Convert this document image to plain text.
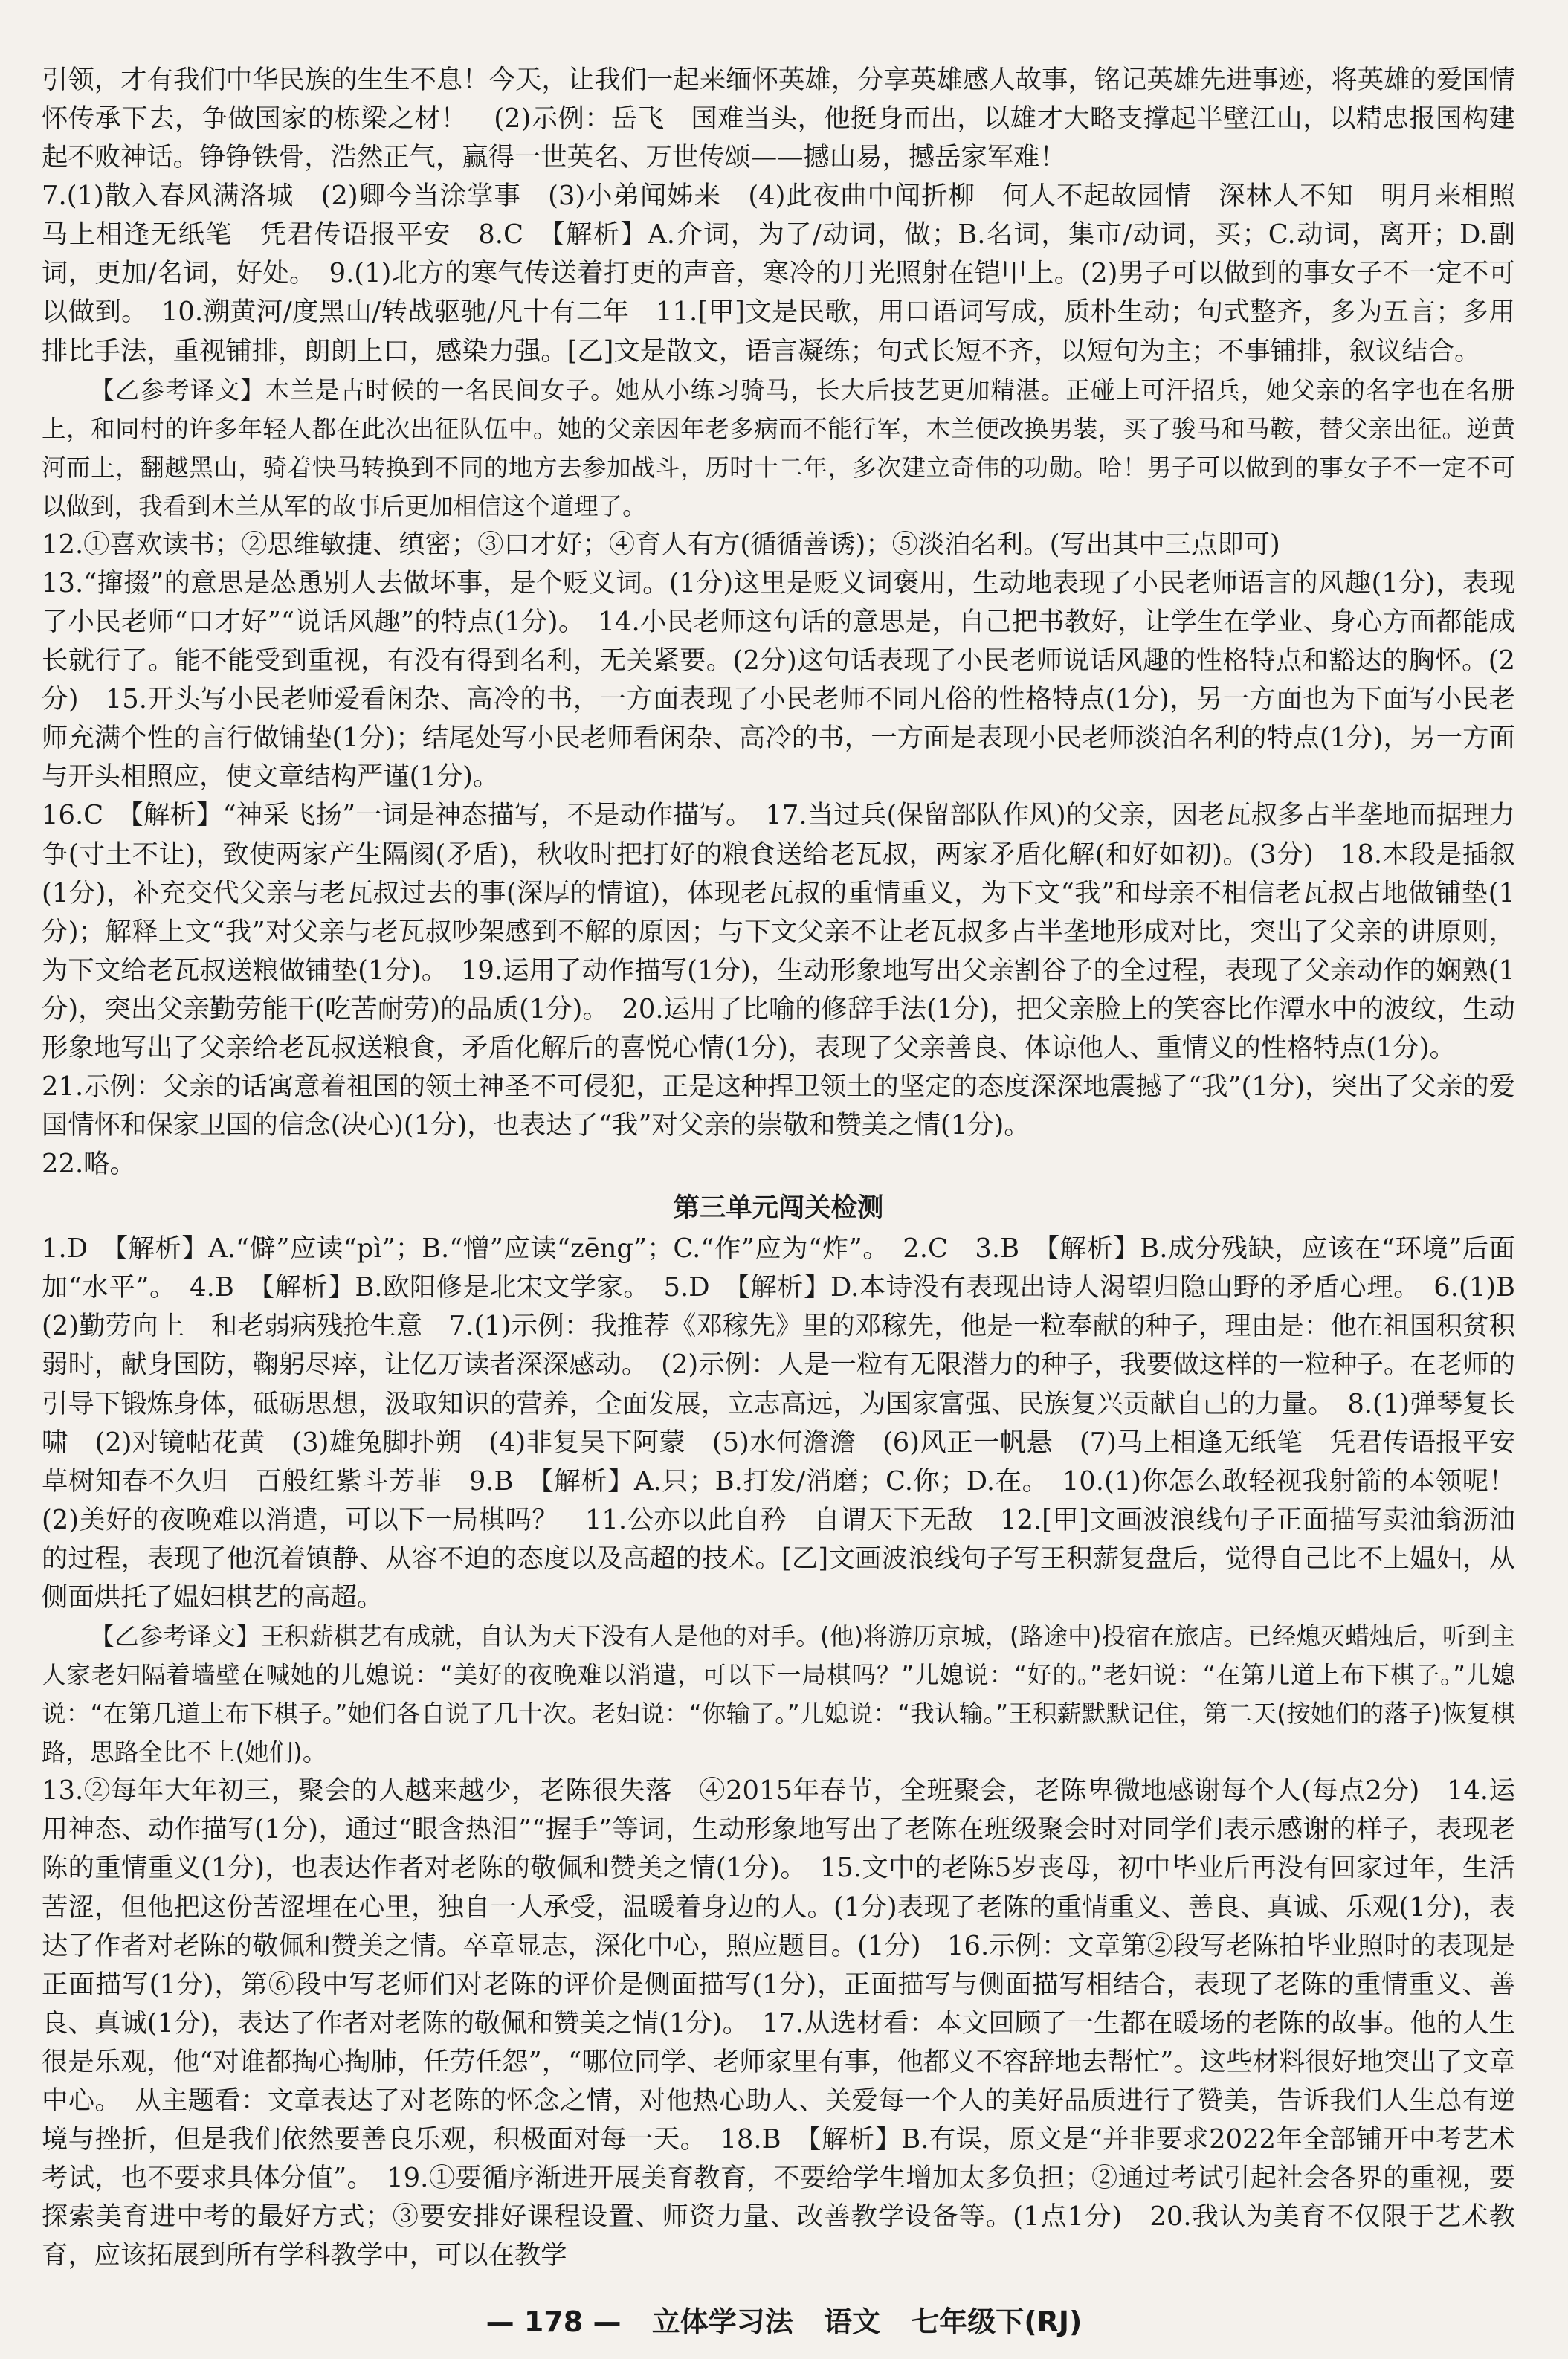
引领，才有我们中华民族的生生不息！今天，让我们一起来缅怀英雄，分享英雄感人故事，铭记英雄先进事迹，将英雄的爱国情怀传承下去，争做国家的栋梁之材！　(2)示例：岳飞　国难当头，他挺身而出，以雄才大略支撑起半壁江山，以精忠报国构建起不败神话。铮铮铁骨，浩然正气，赢得一世英名、万世传颂——撼山易，撼岳家军难！

7.(1)散入春风满洛城　(2)卿今当涂掌事　(3)小弟闻姊来　(4)此夜曲中闻折柳　何人不起故园情　深林人不知　明月来相照　马上相逢无纸笔　凭君传语报平安　8.C　【解析】A.介词，为了/动词，做；B.名词，集市/动词，买；C.动词，离开；D.副词，更加/名词，好处。　9.(1)北方的寒气传送着打更的声音，寒冷的月光照射在铠甲上。(2)男子可以做到的事女子不一定不可以做到。　10.溯黄河/度黑山/转战驱驰/凡十有二年　11.[甲]文是民歌，用口语词写成，质朴生动；句式整齐，多为五言；多用排比手法，重视铺排，朗朗上口，感染力强。[乙]文是散文，语言凝练；句式长短不齐，以短句为主；不事铺排，叙议结合。

【乙参考译文】木兰是古时候的一名民间女子。她从小练习骑马，长大后技艺更加精湛。正碰上可汗招兵，她父亲的名字也在名册上，和同村的许多年轻人都在此次出征队伍中。她的父亲因年老多病而不能行军，木兰便改换男装，买了骏马和马鞍，替父亲出征。逆黄河而上，翻越黑山，骑着快马转换到不同的地方去参加战斗，历时十二年，多次建立奇伟的功勋。哈！男子可以做到的事女子不一定不可以做到，我看到木兰从军的故事后更加相信这个道理了。

12.①喜欢读书；②思维敏捷、缜密；③口才好；④育人有方(循循善诱)；⑤淡泊名利。(写出其中三点即可)

13.“撺掇”的意思是怂恿别人去做坏事，是个贬义词。(1分)这里是贬义词褒用，生动地表现了小民老师语言的风趣(1分)，表现了小民老师“口才好”“说话风趣”的特点(1分)。　14.小民老师这句话的意思是，自己把书教好，让学生在学业、身心方面都能成长就行了。能不能受到重视，有没有得到名利，无关紧要。(2分)这句话表现了小民老师说话风趣的性格特点和豁达的胸怀。(2分)　15.开头写小民老师爱看闲杂、高冷的书，一方面表现了小民老师不同凡俗的性格特点(1分)，另一方面也为下面写小民老师充满个性的言行做铺垫(1分)；结尾处写小民老师看闲杂、高冷的书，一方面是表现小民老师淡泊名利的特点(1分)，另一方面与开头相照应，使文章结构严谨(1分)。

16.C　【解析】“神采飞扬”一词是神态描写，不是动作描写。　17.当过兵(保留部队作风)的父亲，因老瓦叔多占半垄地而据理力争(寸土不让)，致使两家产生隔阂(矛盾)，秋收时把打好的粮食送给老瓦叔，两家矛盾化解(和好如初)。(3分)　18.本段是插叙(1分)，补充交代父亲与老瓦叔过去的事(深厚的情谊)，体现老瓦叔的重情重义，为下文“我”和母亲不相信老瓦叔占地做铺垫(1分)；解释上文“我”对父亲与老瓦叔吵架感到不解的原因；与下文父亲不让老瓦叔多占半垄地形成对比，突出了父亲的讲原则，为下文给老瓦叔送粮做铺垫(1分)。　19.运用了动作描写(1分)，生动形象地写出父亲割谷子的全过程，表现了父亲动作的娴熟(1分)，突出父亲勤劳能干(吃苦耐劳)的品质(1分)。　20.运用了比喻的修辞手法(1分)，把父亲脸上的笑容比作潭水中的波纹，生动形象地写出了父亲给老瓦叔送粮食，矛盾化解后的喜悦心情(1分)，表现了父亲善良、体谅他人、重情义的性格特点(1分)。

21.示例：父亲的话寓意着祖国的领土神圣不可侵犯，正是这种捍卫领土的坚定的态度深深地震撼了“我”(1分)，突出了父亲的爱国情怀和保家卫国的信念(决心)(1分)，也表达了“我”对父亲的崇敬和赞美之情(1分)。

22.略。

第三单元闯关检测

1.D　【解析】A.“僻”应读“pì”；B.“憎”应读“zēng”；C.“作”应为“炸”。　2.C　3.B　【解析】B.成分残缺，应该在“环境”后面加“水平”。　4.B　【解析】B.欧阳修是北宋文学家。　5.D　【解析】D.本诗没有表现出诗人渴望归隐山野的矛盾心理。　6.(1)B　(2)勤劳向上　和老弱病残抢生意　7.(1)示例：我推荐《邓稼先》里的邓稼先，他是一粒奉献的种子，理由是：他在祖国积贫积弱时，献身国防，鞠躬尽瘁，让亿万读者深深感动。　(2)示例：人是一粒有无限潜力的种子，我要做这样的一粒种子。在老师的引导下锻炼身体，砥砺思想，汲取知识的营养，全面发展，立志高远，为国家富强、民族复兴贡献自己的力量。　8.(1)弹琴复长啸　(2)对镜帖花黄　(3)雄兔脚扑朔　(4)非复吴下阿蒙　(5)水何澹澹　(6)风正一帆悬　(7)马上相逢无纸笔　凭君传语报平安　草树知春不久归　百般红紫斗芳菲　9.B　【解析】A.只；B.打发/消磨；C.你；D.在。　10.(1)你怎么敢轻视我射箭的本领呢！(2)美好的夜晚难以消遣，可以下一局棋吗？　11.公亦以此自矜　自谓天下无敌　12.[甲]文画波浪线句子正面描写卖油翁沥油的过程，表现了他沉着镇静、从容不迫的态度以及高超的技术。[乙]文画波浪线句子写王积薪复盘后，觉得自己比不上媪妇，从侧面烘托了媪妇棋艺的高超。

【乙参考译文】王积薪棋艺有成就，自认为天下没有人是他的对手。(他)将游历京城，(路途中)投宿在旅店。已经熄灭蜡烛后，听到主人家老妇隔着墙壁在喊她的儿媳说：“美好的夜晚难以消遣，可以下一局棋吗？”儿媳说：“好的。”老妇说：“在第几道上布下棋子。”儿媳说：“在第几道上布下棋子。”她们各自说了几十次。老妇说：“你输了。”儿媳说：“我认输。”王积薪默默记住，第二天(按她们的落子)恢复棋路，思路全比不上(她们)。

13.②每年大年初三，聚会的人越来越少，老陈很失落　④2015年春节，全班聚会，老陈卑微地感谢每个人(每点2分)　14.运用神态、动作描写(1分)，通过“眼含热泪”“握手”等词，生动形象地写出了老陈在班级聚会时对同学们表示感谢的样子，表现老陈的重情重义(1分)，也表达作者对老陈的敬佩和赞美之情(1分)。　15.文中的老陈5岁丧母，初中毕业后再没有回家过年，生活苦涩，但他把这份苦涩埋在心里，独自一人承受，温暖着身边的人。(1分)表现了老陈的重情重义、善良、真诚、乐观(1分)，表达了作者对老陈的敬佩和赞美之情。卒章显志，深化中心，照应题目。(1分)　16.示例：文章第②段写老陈拍毕业照时的表现是正面描写(1分)，第⑥段中写老师们对老陈的评价是侧面描写(1分)，正面描写与侧面描写相结合，表现了老陈的重情重义、善良、真诚(1分)，表达了作者对老陈的敬佩和赞美之情(1分)。　17.从选材看：本文回顾了一生都在暖场的老陈的故事。他的人生很是乐观，他“对谁都掏心掏肺，任劳任怨”，“哪位同学、老师家里有事，他都义不容辞地去帮忙”。这些材料很好地突出了文章中心。　从主题看：文章表达了对老陈的怀念之情，对他热心助人、关爱每一个人的美好品质进行了赞美，告诉我们人生总有逆境与挫折，但是我们依然要善良乐观，积极面对每一天。　18.B　【解析】B.有误，原文是“并非要求2022年全部铺开中考艺术考试，也不要求具体分值”。　19.①要循序渐进开展美育教育，不要给学生增加太多负担；②通过考试引起社会各界的重视，要探索美育进中考的最好方式；③要安排好课程设置、师资力量、改善教学设备等。(1点1分)　20.我认为美育不仅限于艺术教育，应该拓展到所有学科教学中，可以在教学

— 178 — 立体学习法 语文 七年级下(RJ)
